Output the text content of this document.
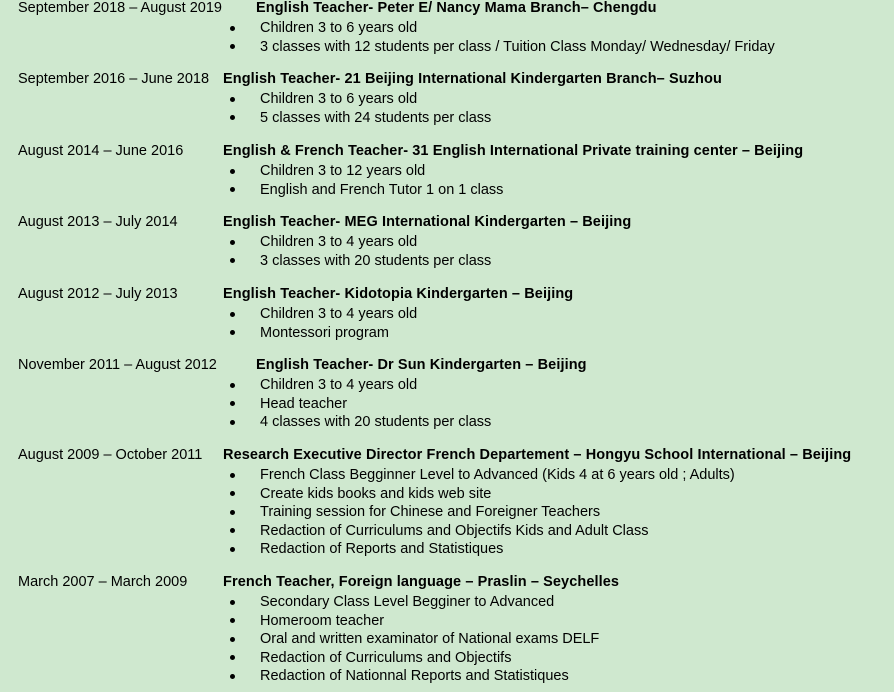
September 2018 – August 2019 English Teacher- Peter E/ Nancy Mama Branch– Chengdu
Children 3 to 6 years old
3 classes with 12 students per class / Tuition Class Monday/ Wednesday/ Friday
September 2016 – June 2018 English Teacher- 21 Beijing International Kindergarten Branch– Suzhou
Children 3 to 6 years old
5 classes with 24 students per class
August 2014 – June 2016	English & French Teacher- 31 English International Private training center – Beijing
Children 3 to 12 years old
English and French Tutor 1 on 1 class
August 2013 – July 2014	English Teacher- MEG International Kindergarten – Beijing
Children 3 to 4 years old
3 classes with 20 students per class
August 2012 – July 2013	English Teacher- Kidotopia Kindergarten – Beijing
Children 3 to 4 years old
Montessori program
November 2011 – August 2012	English Teacher- Dr Sun Kindergarten – Beijing
Children 3 to 4 years old
Head teacher
4 classes with 20 students per class
August 2009 – October 2011 Research Executive Director French Departement – Hongyu School International – Beijing
French Class Begginner Level to Advanced (Kids 4 at 6 years old ; Adults)
Create kids books and kids web site
Training session for Chinese and Foreigner Teachers
Redaction of Curriculums and Objectifs Kids and Adult Class
Redaction of Reports and Statistiques
March 2007 – March 2009 French Teacher, Foreign language – Praslin – Seychelles
Secondary Class Level Begginer to Advanced
Homeroom teacher
Oral and written examinator of National exams DELF
Redaction of Curriculums and Objectifs
Redaction of Nationnal Reports and Statistiques
